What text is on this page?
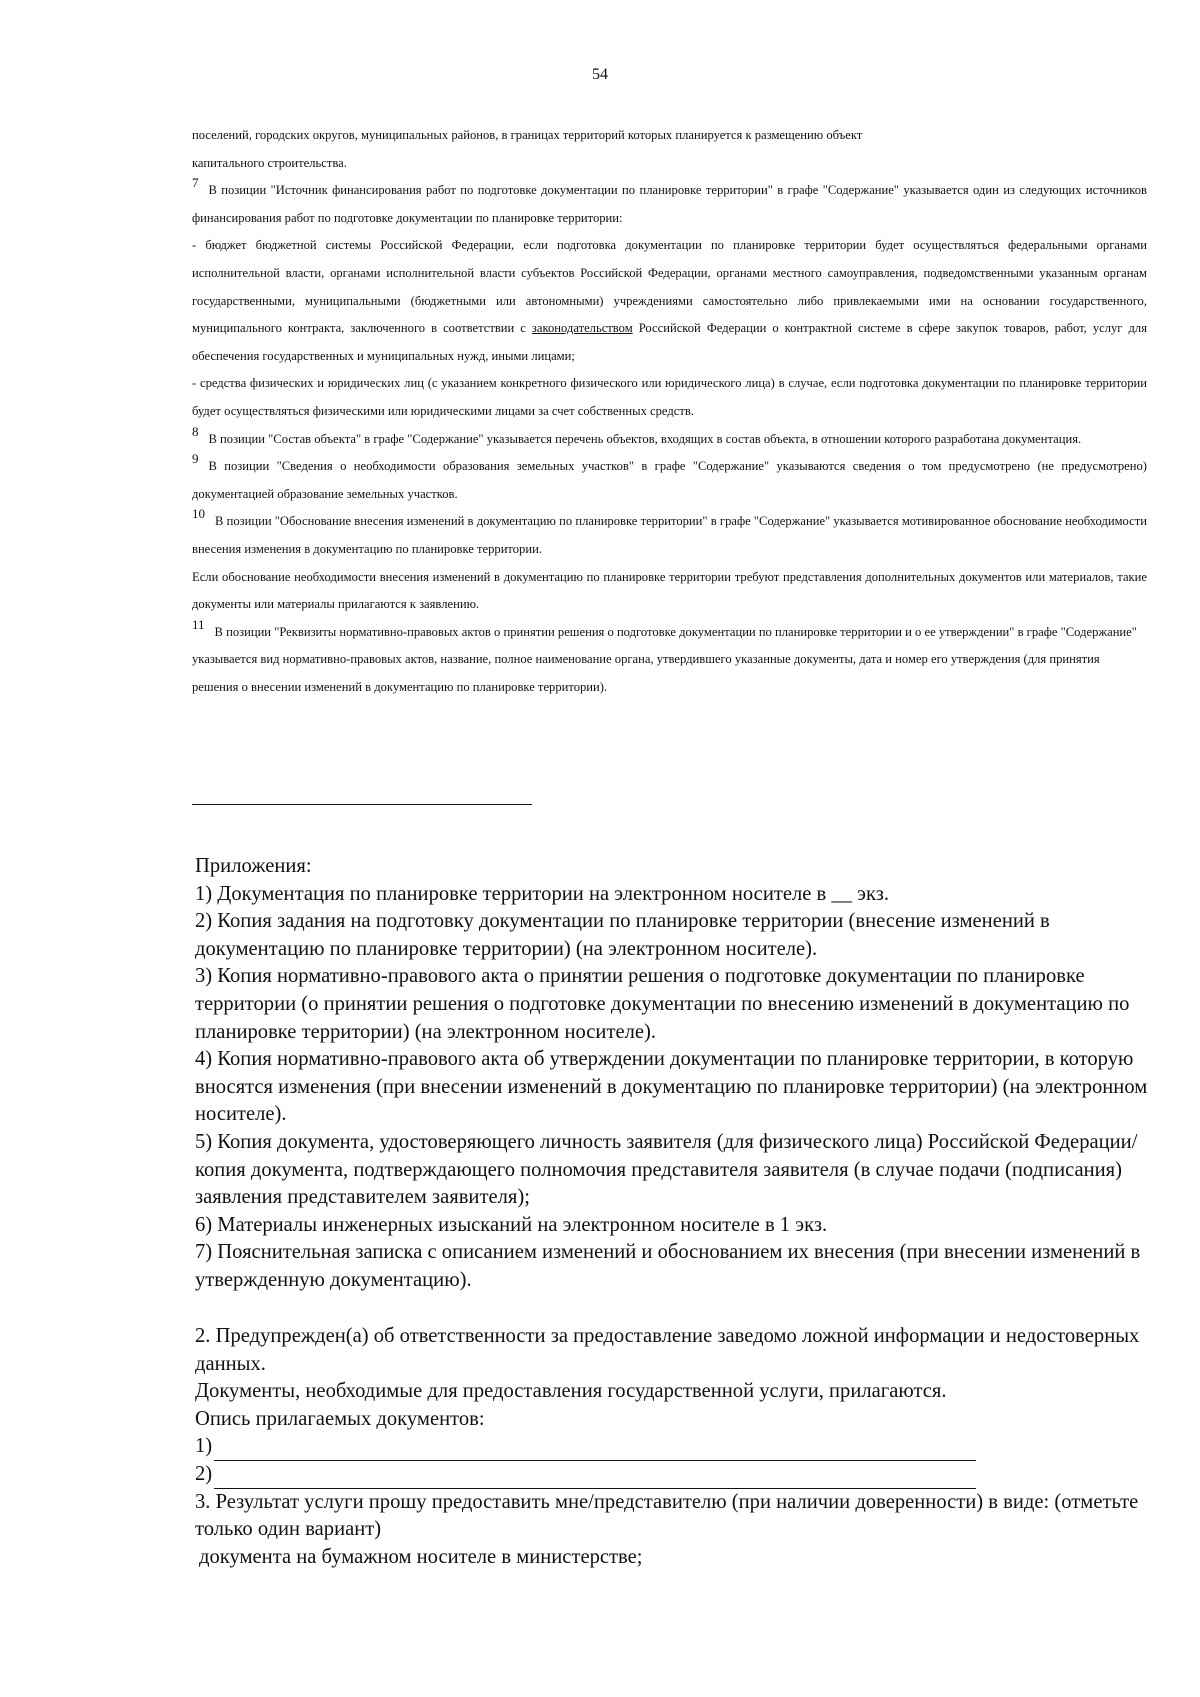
54

поселений, городских округов, муниципальных районов, в границах территорий которых планируется к размещению объект
капитального строительства.

$^7$ В позиции "Источник финансирования работ по подготовке документации по планировке территории" в графе "Содержание" указывается один из следующих источников финансирования работ по подготовке документации по планировке территории:

- бюджет бюджетной системы Российской Федерации, если подготовка документации по планировке территории будет осуществляться федеральными органами исполнительной власти, органами исполнительной власти субъектов Российской Федерации, органами местного самоуправления, подведомственными указанным органам государственными, муниципальными (бюджетными или автономными) учреждениями самостоятельно либо привлекаемыми ими на основании государственного, муниципального контракта, заключенного в соответствии с законодательством Российской Федерации о контрактной системе в сфере закупок товаров, работ, услуг для обеспечения государственных и муниципальных нужд, иными лицами;

- средства физических и юридических лиц (с указанием конкретного физического или юридического лица) в случае, если подготовка документации по планировке территории будет осуществляться физическими или юридическими лицами за счет собственных средств.

$^8$ В позиции "Состав объекта" в графе "Содержание" указывается перечень объектов, входящих в состав объекта, в отношении которого разработана документация.

$^9$ В позиции "Сведения о необходимости образования земельных участков" в графе "Содержание" указываются сведения о том предусмотрено (не предусмотрено) документацией образование земельных участков.

$^{10}$ В позиции "Обоснование внесения изменений в документацию по планировке территории" в графе "Содержание" указывается мотивированное обоснование необходимости внесения изменения в документацию по планировке территории.

Если обоснование необходимости внесения изменений в документацию по планировке территории требуют представления дополнительных документов или материалов, такие документы или материалы прилагаются к заявлению.

$^{11}$ В позиции "Реквизиты нормативно-правовых актов о принятии решения о подготовке документации по планировке территории и о ее утверждении" в графе "Содержание" указывается вид нормативно-правовых актов, название, полное наименование органа, утвердившего указанные документы, дата и номер его утверждения (для принятия решения о внесении изменений в документацию по планировке территории).

Приложения:

1) Документация по планировке территории на электронном носителе в __ экз.

2) Копия задания на подготовку документации по планировке территории (внесение изменений в документацию по планировке территории) (на электронном носителе).

3) Копия нормативно-правового акта о принятии решения о подготовке документации по планировке территории (о принятии решения о подготовке документации по внесению изменений в документацию по планировке территории) (на электронном носителе).

4) Копия нормативно-правового акта об утверждении документации по планировке территории, в которую вносятся изменения (при внесении изменений в документацию по планировке территории) (на электронном носителе).

5) Копия документа, удостоверяющего личность заявителя (для физического лица) Российской Федерации/ копия документа, подтверждающего полномочия представителя заявителя (в случае подачи (подписания) заявления представителем заявителя);

6) Материалы инженерных изысканий на электронном носителе в 1 экз.

7) Пояснительная записка с описанием изменений и обоснованием их внесения (при внесении изменений в утвержденную документацию).

2. Предупрежден(а) об ответственности за предоставление заведомо ложной информации и недостоверных данных.

Документы, необходимые для предоставления государственной услуги, прилагаются.

Опись прилагаемых документов:

1)

2)

3. Результат услуги прошу предоставить мне/представителю (при наличии доверенности) в виде: (отметьте только один вариант)

документа на бумажном носителе в министерстве;
